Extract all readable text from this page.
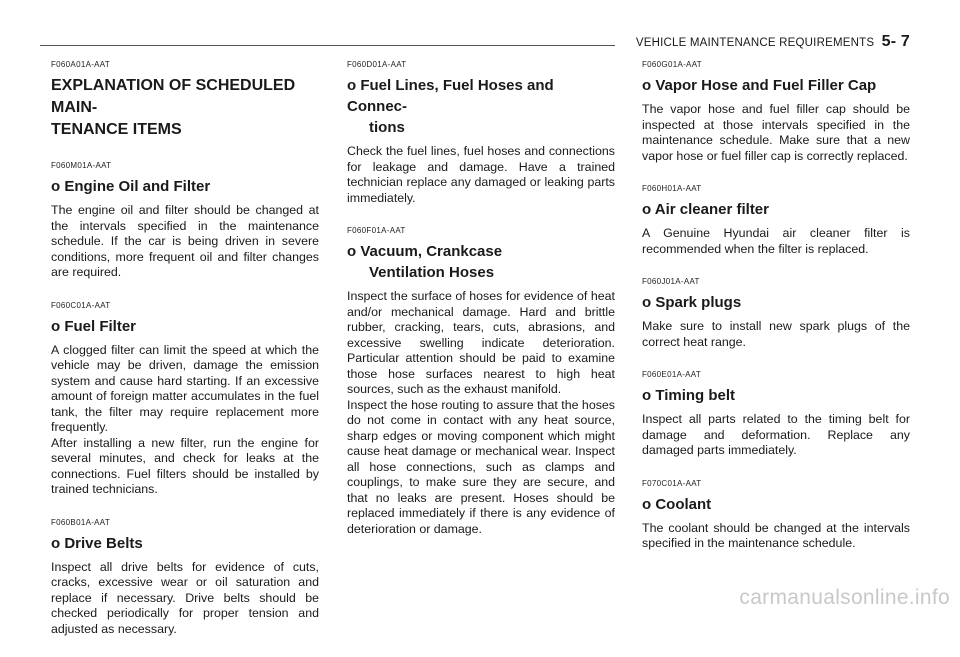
VEHICLE MAINTENANCE REQUIREMENTS 5- 7
F060A01A-AAT
EXPLANATION OF SCHEDULED MAIN-
TENANCE ITEMS
F060M01A-AAT
o Engine Oil and Filter

The engine oil and filter should be changed at the intervals specified in the maintenance schedule. If the car is being driven in severe conditions, more frequent oil and filter changes are required.

F060C01A-AAT
o Fuel Filter

A clogged filter can limit the speed at which the vehicle may be driven, damage the emission system and cause hard starting. If an excessive amount of foreign matter accumulates in the fuel tank, the filter may require replacement more frequently.

After installing a new filter, run the engine for several minutes, and check for leaks at the connections. Fuel filters should be installed by trained technicians.

F060B01A-AAT
o Drive Belts

Inspect all drive belts for evidence of cuts, cracks, excessive wear or oil saturation and replace if necessary. Drive belts should be checked periodically for proper tension and adjusted as necessary.

F060D01A-AAT
o Fuel Lines, Fuel Hoses and Connec-
tions

Check the fuel lines, fuel hoses and connections for leakage and damage. Have a trained technician replace any damaged or leaking parts immediately.

F060F01A-AAT
o Vacuum, Crankcase
Ventilation Hoses

Inspect the surface of hoses for evidence of heat and/or mechanical damage. Hard and brittle rubber, cracking, tears, cuts, abrasions, and excessive swelling indicate deterioration. Particular attention should be paid to examine those hose surfaces nearest to high heat sources, such as the exhaust manifold.

Inspect the hose routing to assure that the hoses do not come in contact with any heat source, sharp edges or moving component which might cause heat damage or mechanical wear. Inspect all hose connections, such as clamps and couplings, to make sure they are secure, and that no leaks are present. Hoses should be replaced immediately if there is any evidence of deterioration or damage.

F060G01A-AAT
o Vapor Hose and Fuel Filler Cap

The vapor hose and fuel filler cap should be inspected at those intervals specified in the maintenance schedule. Make sure that a new vapor hose or fuel filler cap is correctly replaced.

F060H01A-AAT
o Air cleaner filter

A Genuine Hyundai air cleaner filter is recommended when the filter is replaced.

F060J01A-AAT
o Spark plugs

Make sure to install new spark plugs of the correct heat range.

F060E01A-AAT
o Timing belt

Inspect all parts related to the timing belt for damage and deformation. Replace any damaged parts immediately.

F070C01A-AAT
o Coolant

The coolant should be changed at the intervals specified in the maintenance schedule.

carmanualsonline.info
